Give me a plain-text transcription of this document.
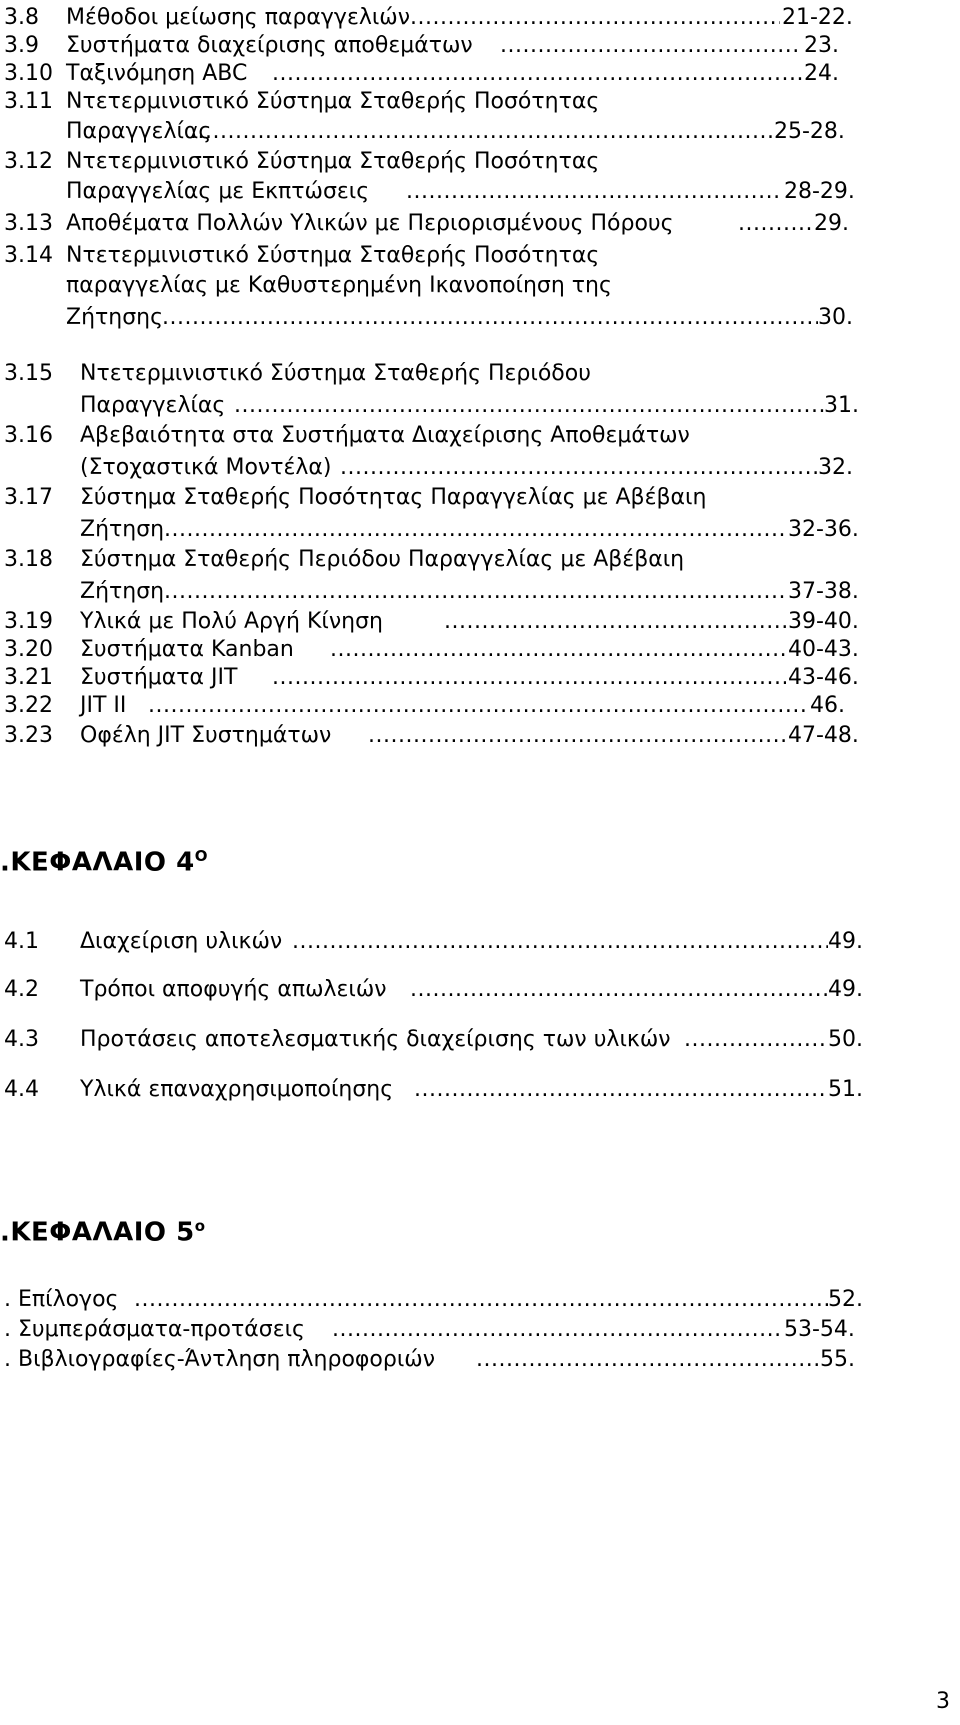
3.8 Μέθοδοι μείωσης παραγγελιών .....	21-22.
3.9 Συστήματα διαχείρισης αποθεμάτων .....	23.
3.10 Ταξινόμηση ABC .....	24.
3.11 Ντετερμινιστικό Σύστημα Σταθερής Ποσότητας
Παραγγελίας .....	25-28.
3.12 Ντετερμινιστικό Σύστημα Σταθερής Ποσότητας
Παραγγελίας με Εκπτώσεις .....	28-29.
3.13 Αποθέματα Πολλών Υλικών με Περιορισμένους Πόρους .....	29.
3.14 Ντετερμινιστικό Σύστημα Σταθερής Ποσότητας
παραγγελίας με Καθυστερημένη Ικανοποίηση της
Ζήτησης .....	30.
3.15 Ντετερμινιστικό Σύστημα Σταθερής Περιόδου
Παραγγελίας .....	31.
3.16 Αβεβαιότητα στα Συστήματα Διαχείρισης Αποθεμάτων
(Στοχαστικά Μοντέλα) .....	32.
3.17 Σύστημα Σταθερής Ποσότητας Παραγγελίας με Αβέβαιη
Ζήτηση .....	32-36.
3.18 Σύστημα Σταθερής Περιόδου Παραγγελίας με Αβέβαιη
Ζήτηση .....	37-38.
3.19 Υλικά με Πολύ Αργή Κίνηση .....	39-40.
3.20 Συστήματα Kanban .....	40-43.
3.21 Συστήματα JIT .....	43-46.
3.22 JIT II .....	46.
3.23 Οφέλη JIT Συστημάτων .....	47-48.
.ΚΕΦΑΛΑΙΟ $4^O$
4.1 Διαχείριση υλικών .....	49.
4.2 Τρόποι αποφυγής απωλειών .....	49.
4.3 Προτάσεις αποτελεσματικής διαχείρισης των υλικών .....	50.
4.4 Υλικά επαναχρησιμοποίησης .....	51.
.ΚΕΦΑΛΑΙΟ $5^o$
. Επίλογος .....	52.
. Συμπεράσματα-προτάσεις .....	53-54.
. Βιβλιογραφίες-Άντληση πληροφοριών .....	55.
3
